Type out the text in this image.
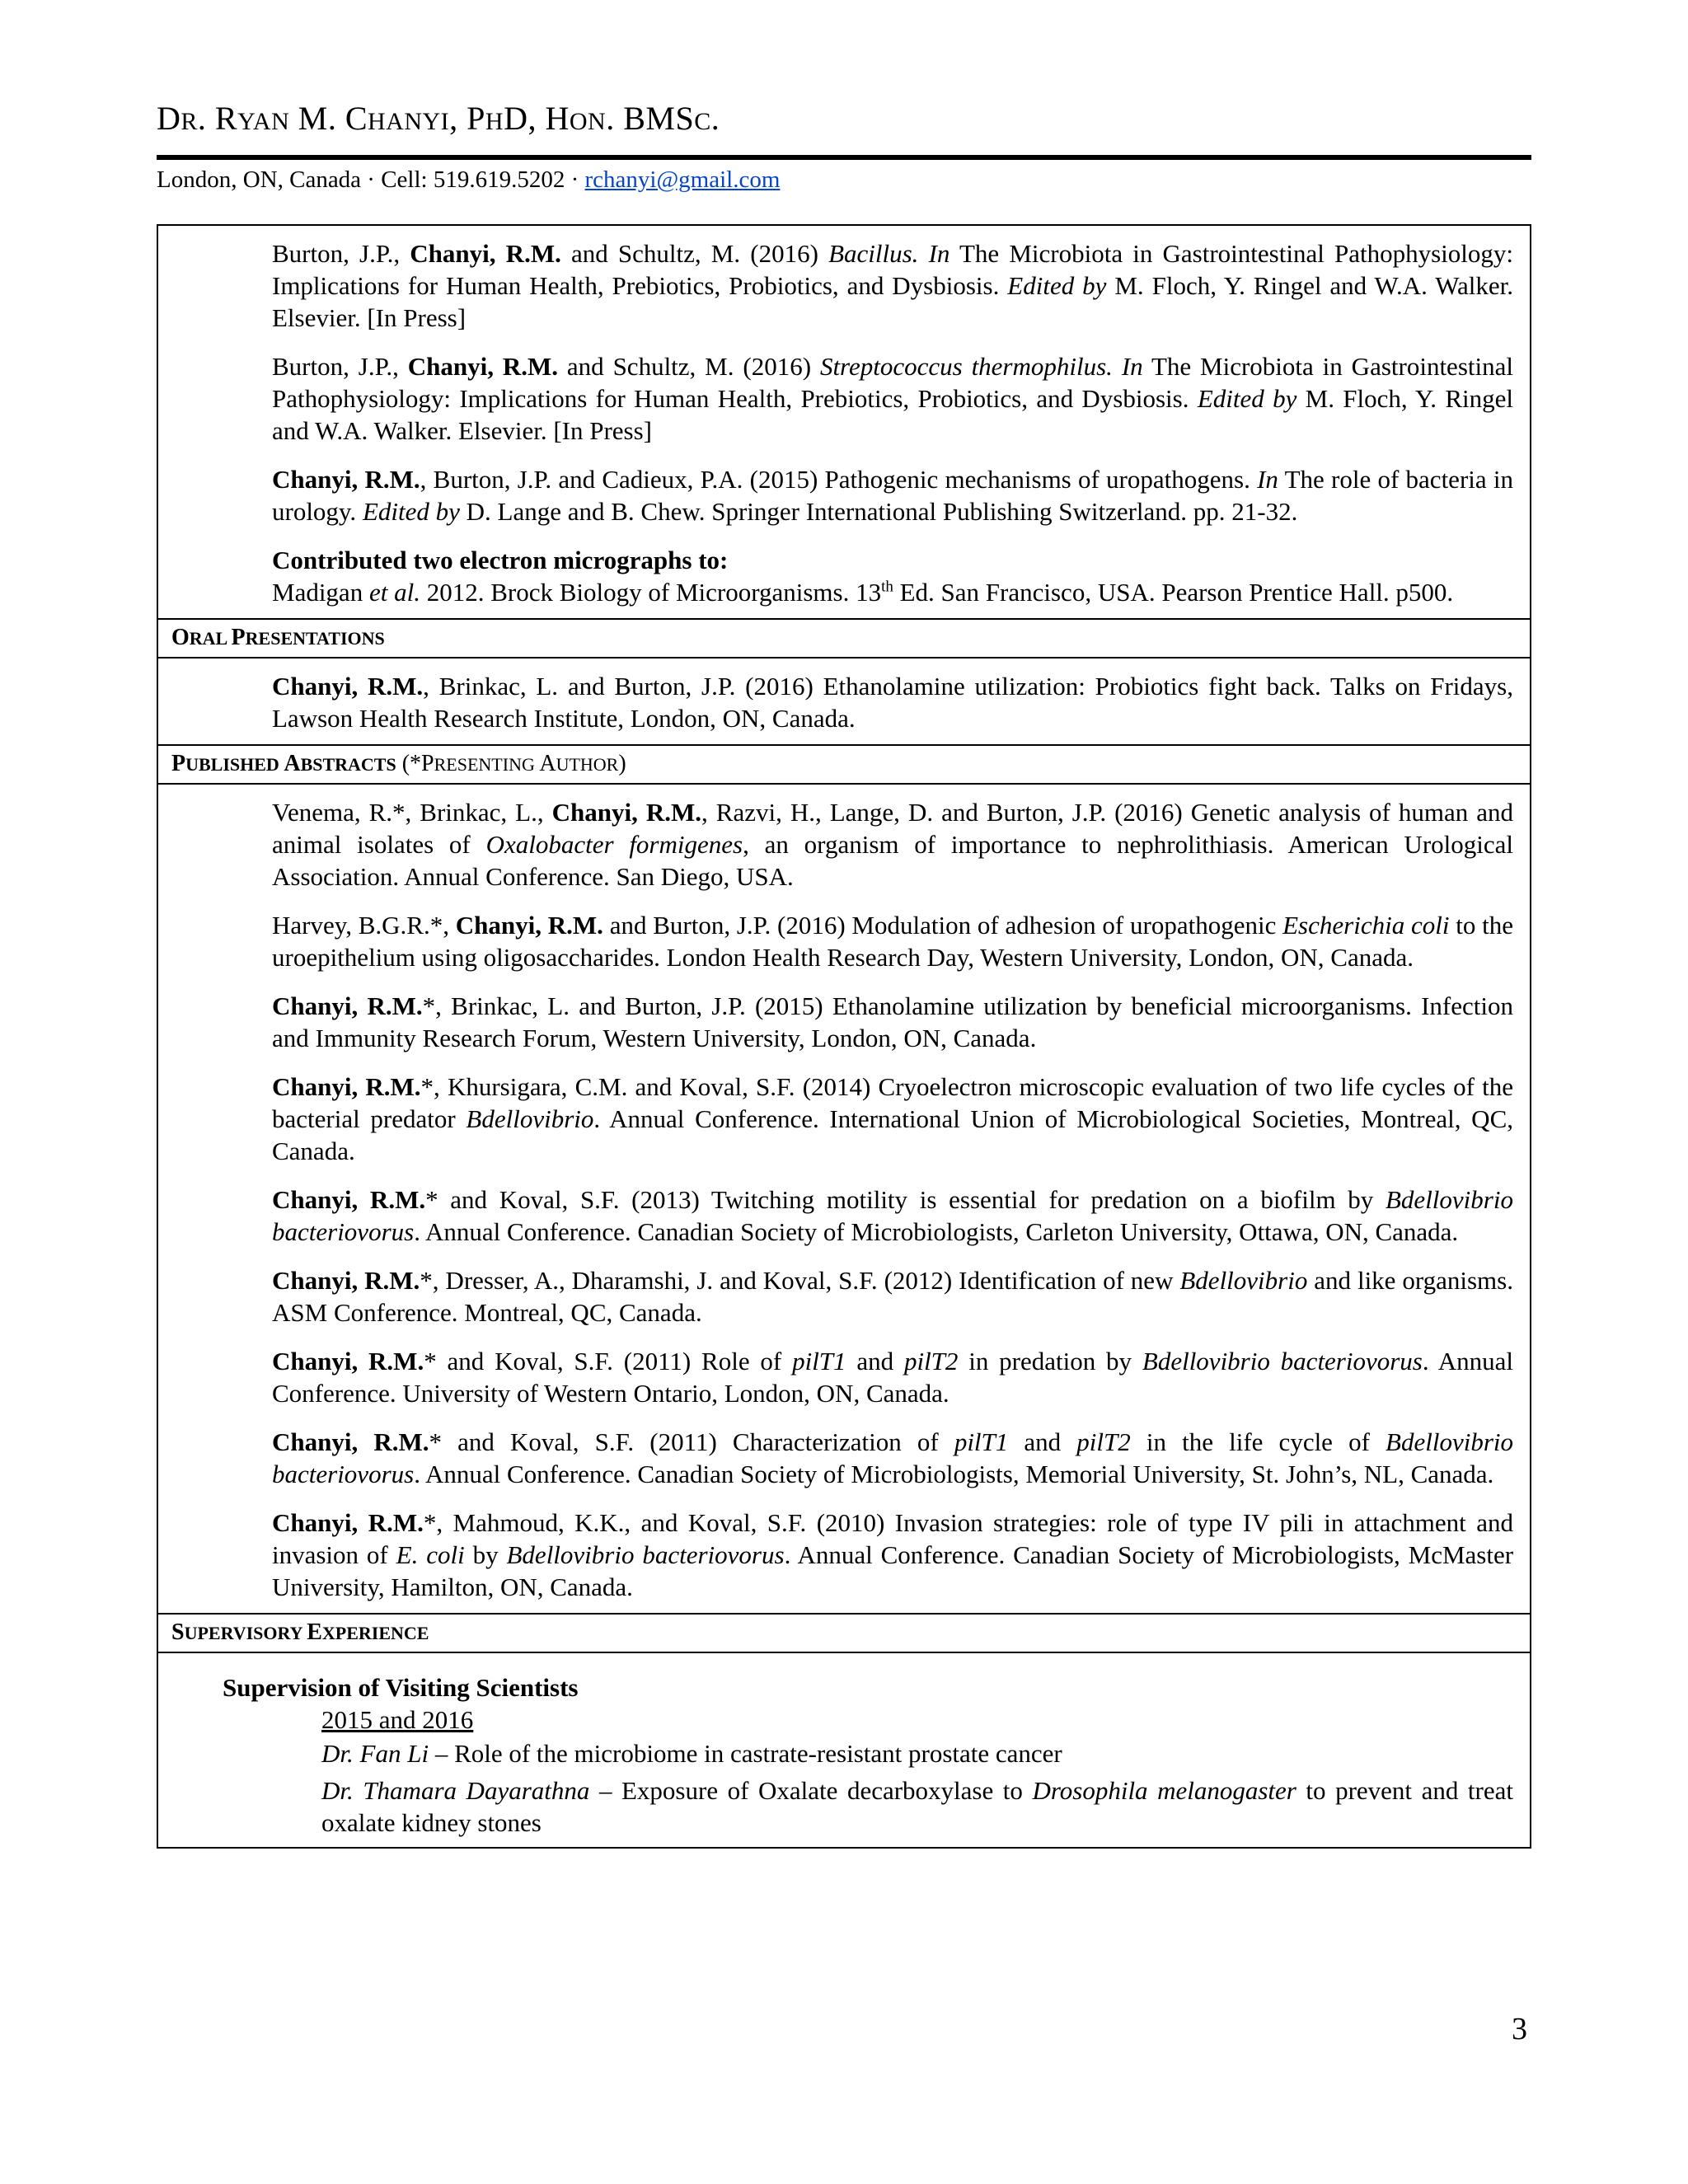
DR. RYAN M. CHANYI, PHD, HON. BMSC.
London, ON, Canada · Cell: 519.619.5202 · rchanyi@gmail.com
Burton, J.P., Chanyi, R.M. and Schultz, M. (2016) Bacillus. In The Microbiota in Gastrointestinal Pathophysiology: Implications for Human Health, Prebiotics, Probiotics, and Dysbiosis. Edited by M. Floch, Y. Ringel and W.A. Walker. Elsevier. [In Press]
Burton, J.P., Chanyi, R.M. and Schultz, M. (2016) Streptococcus thermophilus. In The Microbiota in Gastrointestinal Pathophysiology: Implications for Human Health, Prebiotics, Probiotics, and Dysbiosis. Edited by M. Floch, Y. Ringel and W.A. Walker. Elsevier. [In Press]
Chanyi, R.M., Burton, J.P. and Cadieux, P.A. (2015) Pathogenic mechanisms of uropathogens. In The role of bacteria in urology. Edited by D. Lange and B. Chew. Springer International Publishing Switzerland. pp. 21-32.
Contributed two electron micrographs to:
Madigan et al. 2012. Brock Biology of Microorganisms. 13th Ed. San Francisco, USA. Pearson Prentice Hall. p500.
ORAL PRESENTATIONS
Chanyi, R.M., Brinkac, L. and Burton, J.P. (2016) Ethanolamine utilization: Probiotics fight back. Talks on Fridays, Lawson Health Research Institute, London, ON, Canada.
PUBLISHED ABSTRACTS (*PRESENTING AUTHOR)
Venema, R.*, Brinkac, L., Chanyi, R.M., Razvi, H., Lange, D. and Burton, J.P. (2016) Genetic analysis of human and animal isolates of Oxalobacter formigenes, an organism of importance to nephrolithiasis. American Urological Association. Annual Conference. San Diego, USA.
Harvey, B.G.R.*, Chanyi, R.M. and Burton, J.P. (2016) Modulation of adhesion of uropathogenic Escherichia coli to the uroepithelium using oligosaccharides. London Health Research Day, Western University, London, ON, Canada.
Chanyi, R.M.*, Brinkac, L. and Burton, J.P. (2015) Ethanolamine utilization by beneficial microorganisms. Infection and Immunity Research Forum, Western University, London, ON, Canada.
Chanyi, R.M.*, Khursigara, C.M. and Koval, S.F. (2014) Cryoelectron microscopic evaluation of two life cycles of the bacterial predator Bdellovibrio. Annual Conference. International Union of Microbiological Societies, Montreal, QC, Canada.
Chanyi, R.M.* and Koval, S.F. (2013) Twitching motility is essential for predation on a biofilm by Bdellovibrio bacteriovorus. Annual Conference. Canadian Society of Microbiologists, Carleton University, Ottawa, ON, Canada.
Chanyi, R.M.*, Dresser, A., Dharamshi, J. and Koval, S.F. (2012) Identification of new Bdellovibrio and like organisms. ASM Conference. Montreal, QC, Canada.
Chanyi, R.M.* and Koval, S.F. (2011) Role of pilT1 and pilT2 in predation by Bdellovibrio bacteriovorus. Annual Conference. University of Western Ontario, London, ON, Canada.
Chanyi, R.M.* and Koval, S.F. (2011) Characterization of pilT1 and pilT2 in the life cycle of Bdellovibrio bacteriovorus. Annual Conference. Canadian Society of Microbiologists, Memorial University, St. John’s, NL, Canada.
Chanyi, R.M.*, Mahmoud, K.K., and Koval, S.F. (2010) Invasion strategies: role of type IV pili in attachment and invasion of E. coli by Bdellovibrio bacteriovorus. Annual Conference. Canadian Society of Microbiologists, McMaster University, Hamilton, ON, Canada.
SUPERVISORY EXPERIENCE
Supervision of Visiting Scientists
2015 and 2016
Dr. Fan Li – Role of the microbiome in castrate-resistant prostate cancer
Dr. Thamara Dayarathna – Exposure of Oxalate decarboxylase to Drosophila melanogaster to prevent and treat oxalate kidney stones
3
